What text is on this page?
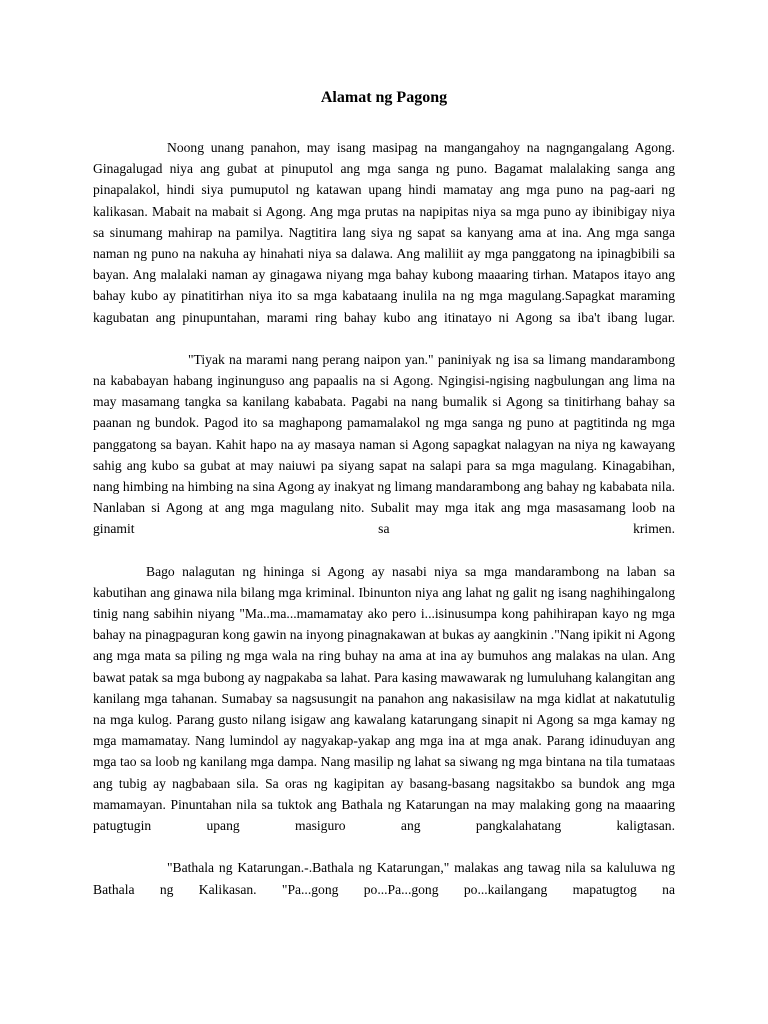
Alamat ng Pagong

Noong unang panahon, may isang masipag na mangangahoy na nagngangalang Agong. Ginagalugad niya ang gubat at pinuputol ang mga sanga ng puno. Bagamat malalaking sanga ang pinapalakol, hindi siya pumuputol ng katawan upang hindi mamatay ang mga puno na pag-aari ng kalikasan. Mabait na mabait si Agong. Ang mga prutas na napipitas niya sa mga puno ay ibinibigay niya sa sinumang mahirap na pamilya. Nagtitira lang siya ng sapat sa kanyang ama at ina. Ang mga sanga naman ng puno na nakuha ay hinahati niya sa dalawa. Ang maliliit ay mga panggatong na ipinagbibili sa bayan. Ang malalaki naman ay ginagawa niyang mga bahay kubong maaaring tirhan. Matapos itayo ang bahay kubo ay pinatitirhan niya ito sa mga kabataang inulila na ng mga magulang.Sapagkat maraming kagubatan ang pinupuntahan, marami ring bahay kubo ang itinatayo ni Agong sa iba't ibang lugar.

"Tiyak na marami nang perang naipon yan." paniniyak ng isa sa limang mandarambong na kababayan habang inginunguso ang papaalis na si Agong. Ngingisi-ngising nagbulungan ang lima na may masamang tangka sa kanilang kababata. Pagabi na nang bumalik si Agong sa tinitirhang bahay sa paanan ng bundok. Pagod ito sa maghapong pamamalakol ng mga sanga ng puno at pagtitinda ng mga panggatong sa bayan. Kahit hapo na ay masaya naman si Agong sapagkat nalagyan na niya ng kawayang sahig ang kubo sa gubat at may naiuwi pa siyang sapat na salapi para sa mga magulang. Kinagabihan, nang himbing na himbing na sina Agong ay inakyat ng limang mandarambong ang bahay ng kababata nila. Nanlaban si Agong at ang mga magulang nito. Subalit may mga itak ang mga masasamang loob na ginamit sa krimen.

Bago nalagutan ng hininga si Agong ay nasabi niya sa mga mandarambong na laban sa kabutihan ang ginawa nila bilang mga kriminal. Ibinunton niya ang lahat ng galit ng isang naghihingalong tinig nang sabihin niyang "Ma..ma...mamamatay ako pero i...isinusumpa kong pahihirapan kayo ng mga bahay na pinagpaguran kong gawin na inyong pinagnakawan at bukas ay aangkinin ."Nang ipikit ni Agong ang mga mata sa piling ng mga wala na ring buhay na ama at ina ay bumuhos ang malakas na ulan. Ang bawat patak sa mga bubong ay nagpakaba sa lahat. Para kasing mawawarak ng lumuluhang kalangitan ang kanilang mga tahanan. Sumabay sa nagsusungit na panahon ang nakasisilaw na mga kidlat at nakatutulig na mga kulog. Parang gusto nilang isigaw ang kawalang katarungang sinapit ni Agong sa mga kamay ng mga mamamatay. Nang lumindol ay nagyakap-yakap ang mga ina at mga anak. Parang idinuduyan ang mga tao sa loob ng kanilang mga dampa. Nang masilip ng lahat sa siwang ng mga bintana na tila tumataas ang tubig ay nagbabaan sila. Sa oras ng kagipitan ay basang-basang nagsitakbo sa bundok ang mga mamamayan. Pinuntahan nila sa tuktok ang Bathala ng Katarungan na may malaking gong na maaaring patugtugin upang masiguro ang pangkalahatang kaligtasan.

"Bathala ng Katarungan.-.Bathala ng Katarungan," malakas ang tawag nila sa kaluluwa ng Bathala ng Kalikasan. "Pa...gong po...Pa...gong po...kailangang mapatugtog na
